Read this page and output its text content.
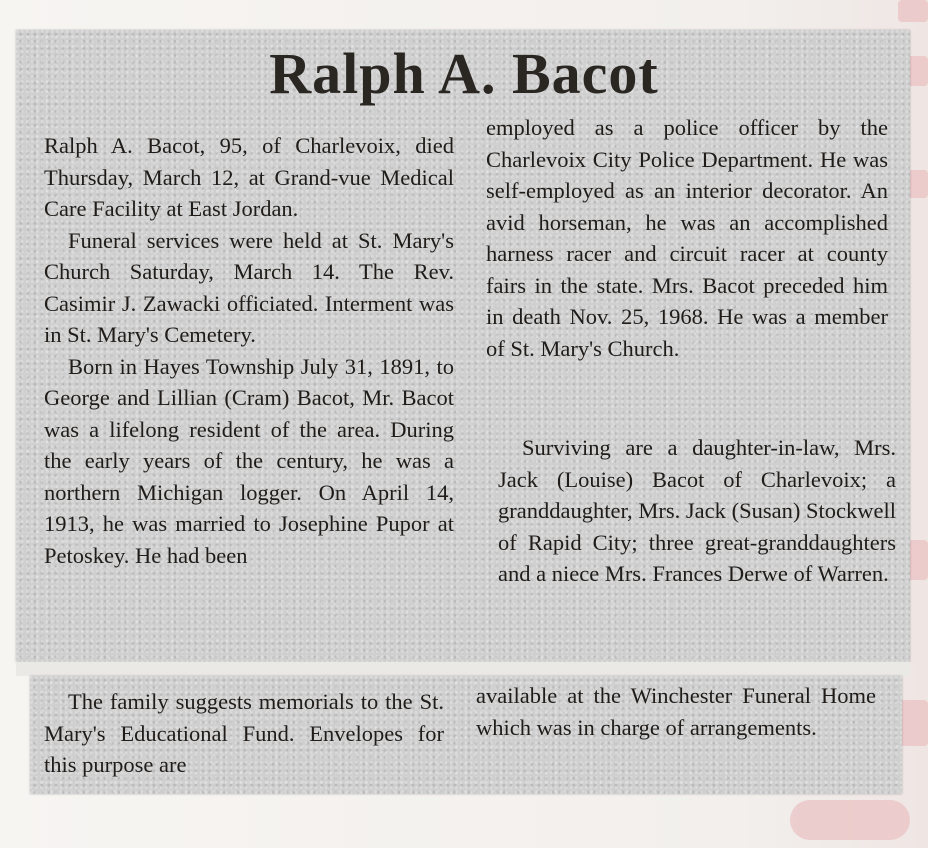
Ralph A. Bacot

Ralph A. Bacot, 95, of Charlevoix, died Thursday, March 12, at Grand-vue Medical Care Facility at East Jordan.

Funeral services were held at St. Mary's Church Saturday, March 14. The Rev. Casimir J. Zawacki officiated. Interment was in St. Mary's Cemetery.

Born in Hayes Township July 31, 1891, to George and Lillian (Cram) Bacot, Mr. Bacot was a lifelong resident of the area. During the early years of the century, he was a northern Michigan logger. On April 14, 1913, he was married to Josephine Pupor at Petoskey. He had been

employed as a police officer by the Charlevoix City Police Department. He was self-employed as an interior decorator. An avid horseman, he was an accomplished harness racer and circuit racer at county fairs in the state. Mrs. Bacot preceded him in death Nov. 25, 1968. He was a member of St. Mary's Church.

Surviving are a daughter-in-law, Mrs. Jack (Louise) Bacot of Charlevoix; a granddaughter, Mrs. Jack (Susan) Stockwell of Rapid City; three great-granddaughters and a niece Mrs. Frances Derwe of Warren.

The family suggests memorials to the St. Mary's Educational Fund. Envelopes for this purpose are

available at the Winchester Funeral Home which was in charge of arrangements.
